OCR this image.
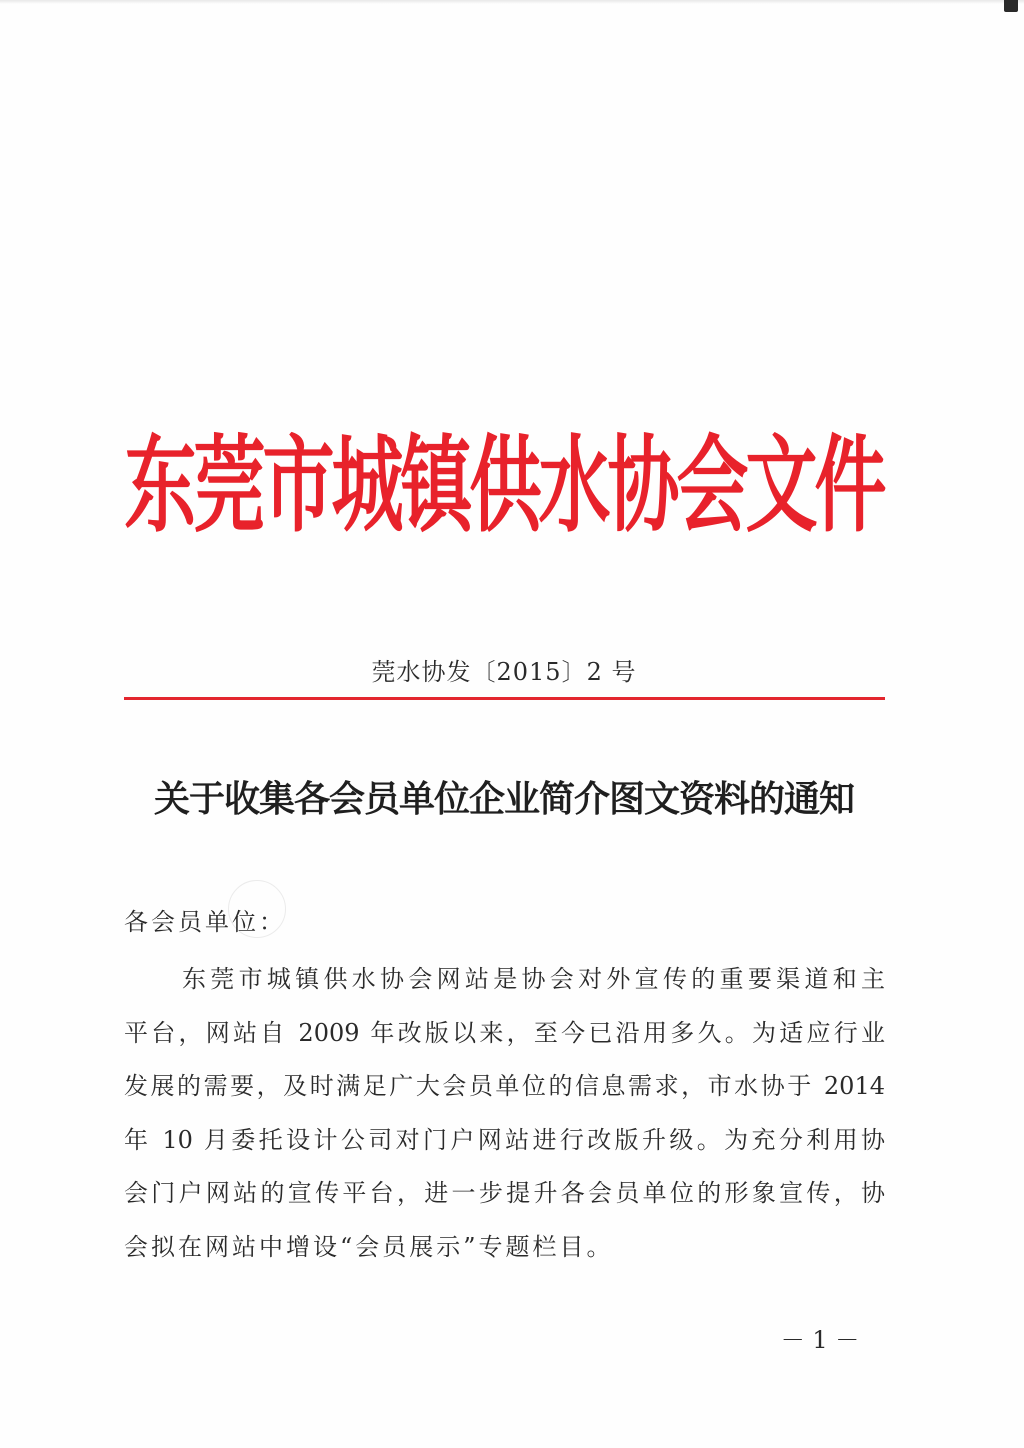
东莞市城镇供水协会文件
莞水协发〔2015〕2 号
关于收集各会员单位企业简介图文资料的通知
各会员单位：
东莞市城镇供水协会网站是协会对外宣传的重要渠道和主
平台，网站自 2009 年改版以来，至今已沿用多久。为适应行业
发展的需要，及时满足广大会员单位的信息需求，市水协于 2014
年 10 月委托设计公司对门户网站进行改版升级。为充分利用协
会门户网站的宣传平台，进一步提升各会员单位的形象宣传，协
会拟在网站中增设“会员展示”专题栏目。
－ 1 －
